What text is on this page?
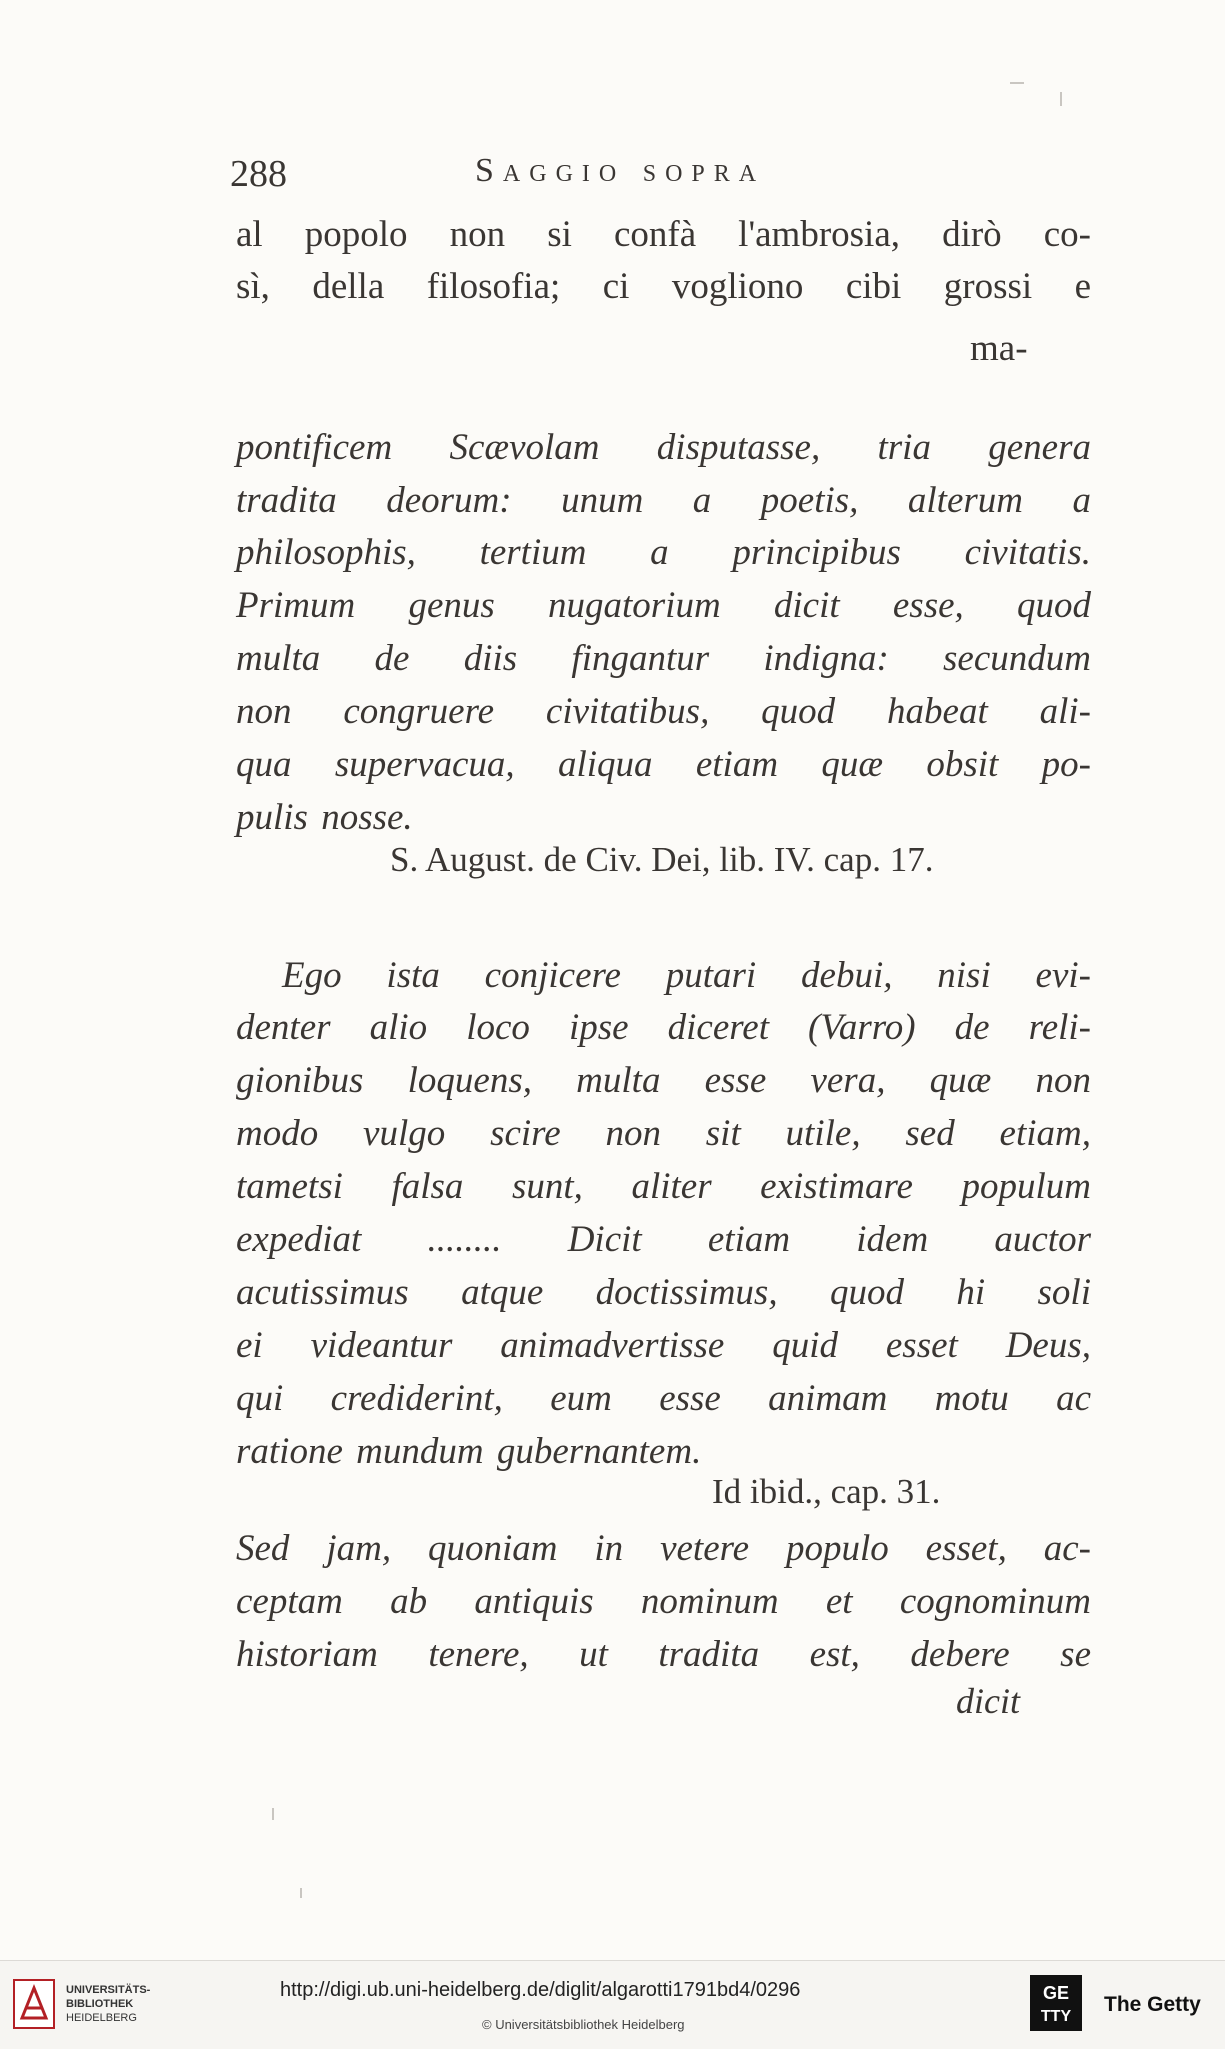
288	Saggio sopra
al popolo non si confà l'ambrosia, dirò co-
sì, della filosofia; ci vogliono cibi grossi e
ma-
pontificem Scævolam disputasse, tria genera
tradita deorum: unum a poetis, alterum a
philosophis, tertium a principibus civitatis.
Primum genus nugatorium dicit esse, quod
multa de diis fingantur indigna: secundum
non congruere civitatibus, quod habeat ali-
qua supervacua, aliqua etiam quæ obsit po-
pulis nosse.
S. August. de Civ. Dei, lib. IV. cap. 17.
Ego ista conjicere putari debui, nisi evi-
denter alio loco ipse diceret (Varro) de reli-
gionibus loquens, multa esse vera, quæ non
modo vulgo scire non sit utile, sed etiam,
tametsi falsa sunt, aliter existimare populum
expediat ........ Dicit etiam idem auctor
acutissimus atque doctissimus, quod hi soli
ei videantur animadvertisse quid esset Deus,
qui crediderint, eum esse animam motu ac
ratione mundum gubernantem.
Id ibid., cap. 31.
Sed jam, quoniam in vetere populo esset, ac-
ceptam ab antiquis nominum et cognominum
historiam tenere, ut tradita est, debere se
dicit
UNIVERSITÄTS-
BIBLIOTHEK
HEIDELBERG
http://digi.ub.uni-heidelberg.de/diglit/algarotti1791bd4/0296
© Universitätsbibliothek Heidelberg
GE
TTY
The Getty
